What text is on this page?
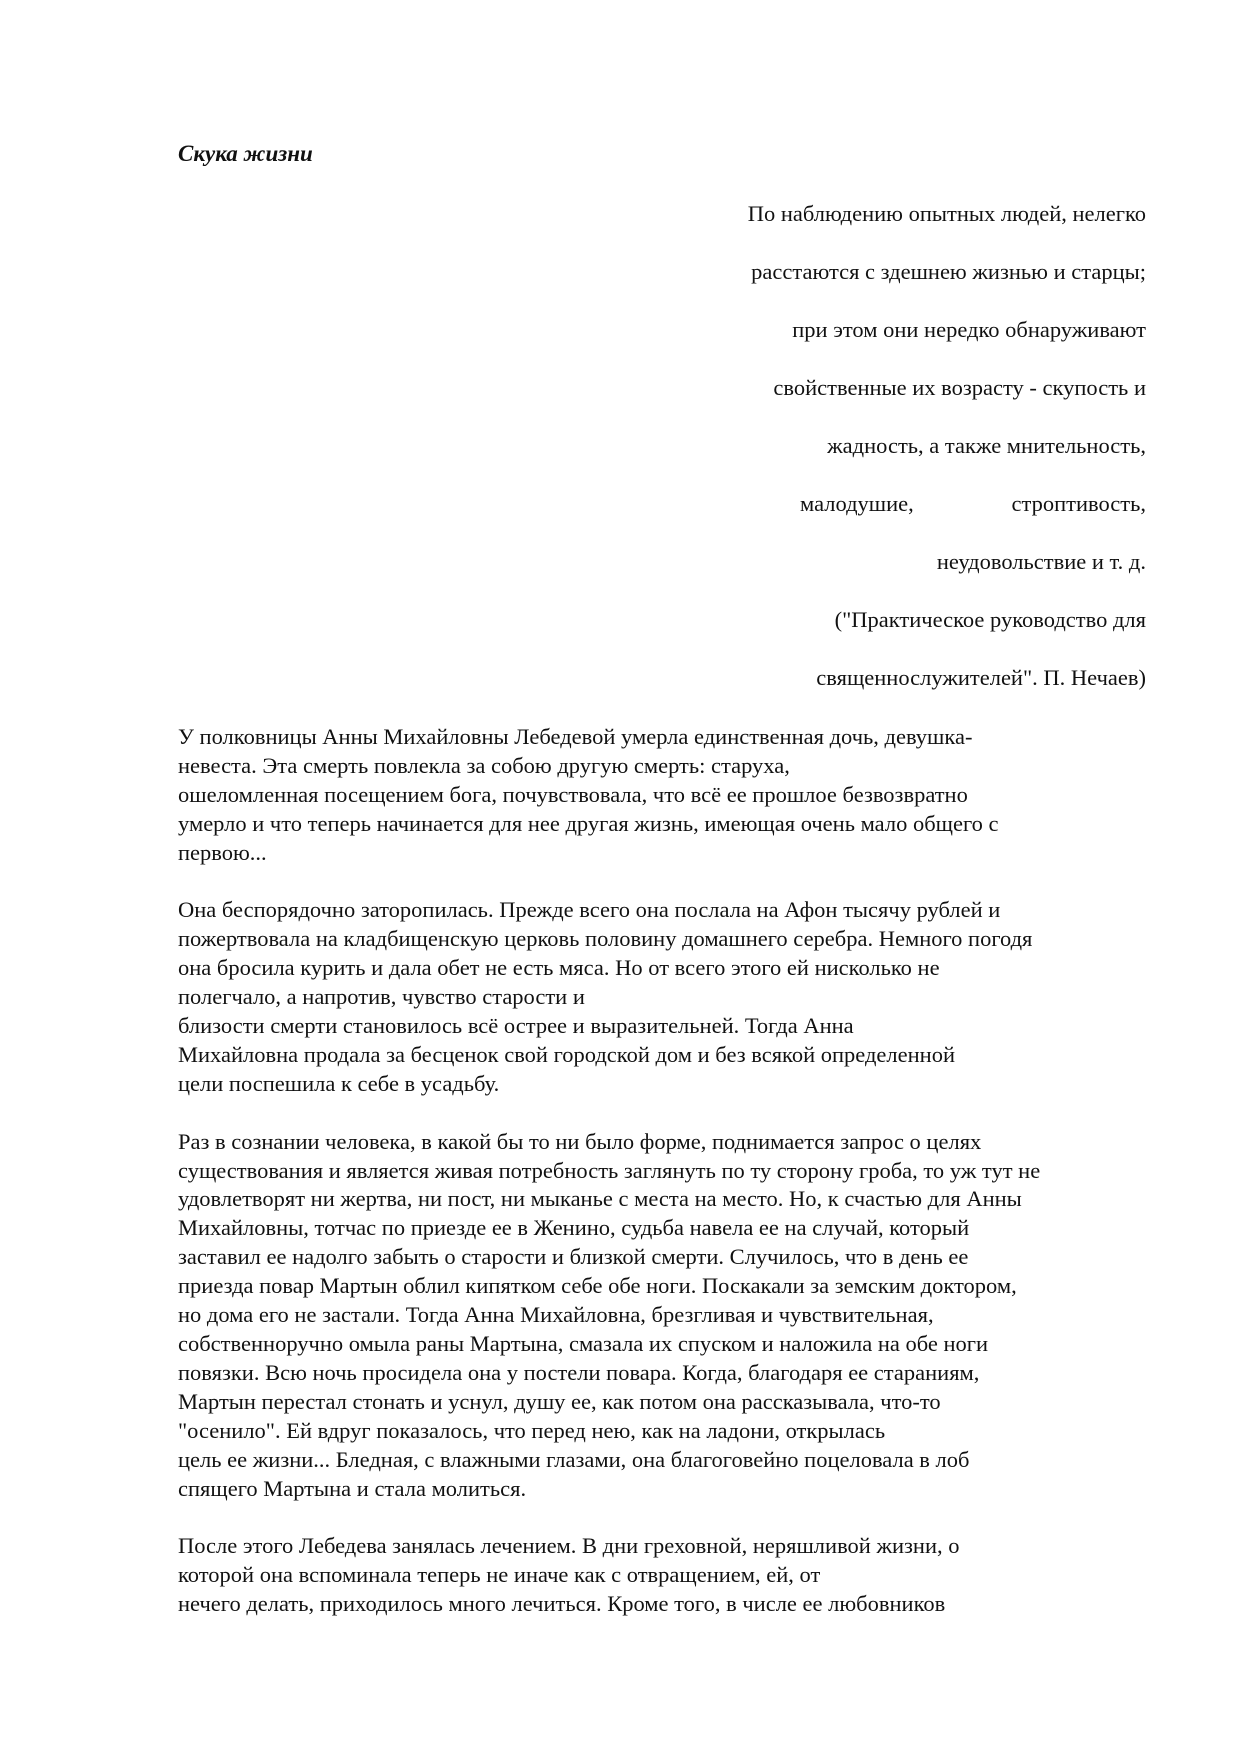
Скука жизни
По наблюдению опытных людей, нелегко
расстаются с здешнею жизнью и старцы;
при этом они нередко обнаруживают
свойственные их возрасту - скупость и
жадность, а также мнительность,
малодушие,	строптивость,
неудовольствие и т. д.
("Практическое руководство для
священнослужителей". П. Нечаев)
У полковницы Анны Михайловны Лебедевой умерла единственная дочь, девушка-
невеста. Эта смерть повлекла за собою другую смерть: старуха,
ошеломленная посещением бога, почувствовала, что всё ее прошлое безвозвратно
умерло и что теперь начинается для нее другая жизнь, имеющая очень мало общего с
первою...
Она беспорядочно заторопилась. Прежде всего она послала на Афон тысячу рублей и
пожертвовала на кладбищенскую церковь половину домашнего серебра. Немного погодя
она бросила курить и дала обет не есть мяса. Но от всего этого ей нисколько не
полегчало, а напротив, чувство старости и
близости смерти становилось всё острее и выразительней. Тогда Анна
Михайловна продала за бесценок свой городской дом и без всякой определенной
цели поспешила к себе в усадьбу.
Раз в сознании человека, в какой бы то ни было форме, поднимается запрос о целях
существования и является живая потребность заглянуть по ту сторону гроба, то уж тут не
удовлетворят ни жертва, ни пост, ни мыканье с места на место. Но, к счастью для Анны
Михайловны, тотчас по приезде ее в Женино, судьба навела ее на случай, который
заставил ее надолго забыть о старости и близкой смерти. Случилось, что в день ее
приезда повар Мартын облил кипятком себе обе ноги. Поскакали за земским доктором,
но дома его не застали. Тогда Анна Михайловна, брезгливая и чувствительная,
собственноручно омыла раны Мартына, смазала их спуском и наложила на обе ноги
повязки. Всю ночь просидела она у постели повара. Когда, благодаря ее стараниям,
Мартын перестал стонать и уснул, душу ее, как потом она рассказывала, что-то
"осенило". Ей вдруг показалось, что перед нею, как на ладони, открылась
цель ее жизни... Бледная, с влажными глазами, она благоговейно поцеловала в лоб
спящего Мартына и стала молиться.
После этого Лебедева занялась лечением. В дни греховной, неряшливой жизни, о
которой она вспоминала теперь не иначе как с отвращением, ей, от
нечего делать, приходилось много лечиться. Кроме того, в числе ее любовников
